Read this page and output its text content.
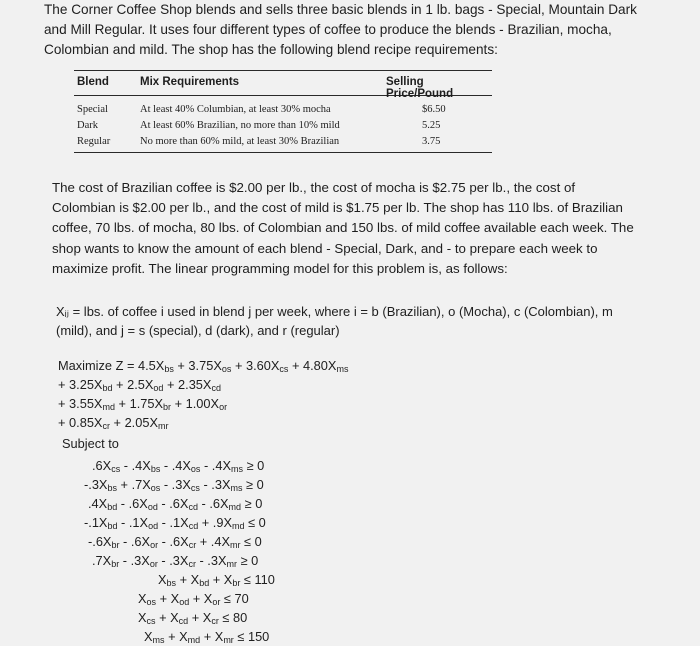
The Corner Coffee Shop blends and sells three basic blends in 1 lb. bags - Special, Mountain Dark

and Mill Regular. It uses four different types of coffee to produce the blends - Brazilian, mocha,

Colombian and mild. The shop has the following blend recipe requirements:

Blend	Mix Requirements	Selling Price/Pound
Special	At least 40% Columbian, at least 30% mocha	$6.50
Dark	At least 60% Brazilian, no more than 10% mild	5.25
Regular	No more than 60% mild, at least 30% Brazilian	3.75

The cost of Brazilian coffee is $2.00 per lb., the cost of mocha is $2.75 per lb., the cost of

Colombian is $2.00 per lb., and the cost of mild is $1.75 per lb. The shop has 110 lbs. of Brazilian

coffee, 70 lbs. of mocha, 80 lbs. of Colombian and 150 lbs. of mild coffee available each week. The

shop wants to know the amount of each blend - Special, Dark, and - to prepare each week to

maximize profit. The linear programming model for this problem is, as follows:

Xᵢⱼ = lbs. of coffee i used in blend j per week, where i = b (Brazilian), o (Mocha), c (Colombian), m

(mild), and j = s (special), d (dark), and r (regular)

Maximize $Z = 4.5X_{bs} + 3.75X_{os} + 3.60X_{cs} + 4.80X_{ms}$
+ $3.25X_{bd} + 2.5X_{od} + 2.35X_{cd}$
+ $3.55X_{md} + 1.75X_{br} + 1.00X_{or}$
+ $0.85X_{cr} + 2.05X_{mr}$
Subject to
$.6X_{cs} - .4X_{bs} - .4X_{os} - .4X_{ms} \ge 0$
$-.3X_{bs} + .7X_{os} - .3X_{cs} - .3X_{ms} \ge 0$
$.4X_{bd} - .6X_{od} - .6X_{cd} - .6X_{md} \ge 0$
$-.1X_{bd} - .1X_{od} - .1X_{cd} + .9X_{md} \le 0$
$-.6X_{br} - .6X_{or} - .6X_{cr} + .4X_{mr} \le 0$
$.7X_{br} - .3X_{or} - .3X_{cr} - .3X_{mr} \ge 0$
$X_{bs} + X_{bd} + X_{br} \le 110$
$X_{os} + X_{od} + X_{or} \le 70$
$X_{cs} + X_{cd} + X_{cr} \le 80$
$X_{ms} + X_{md} + X_{mr} \le 150$
